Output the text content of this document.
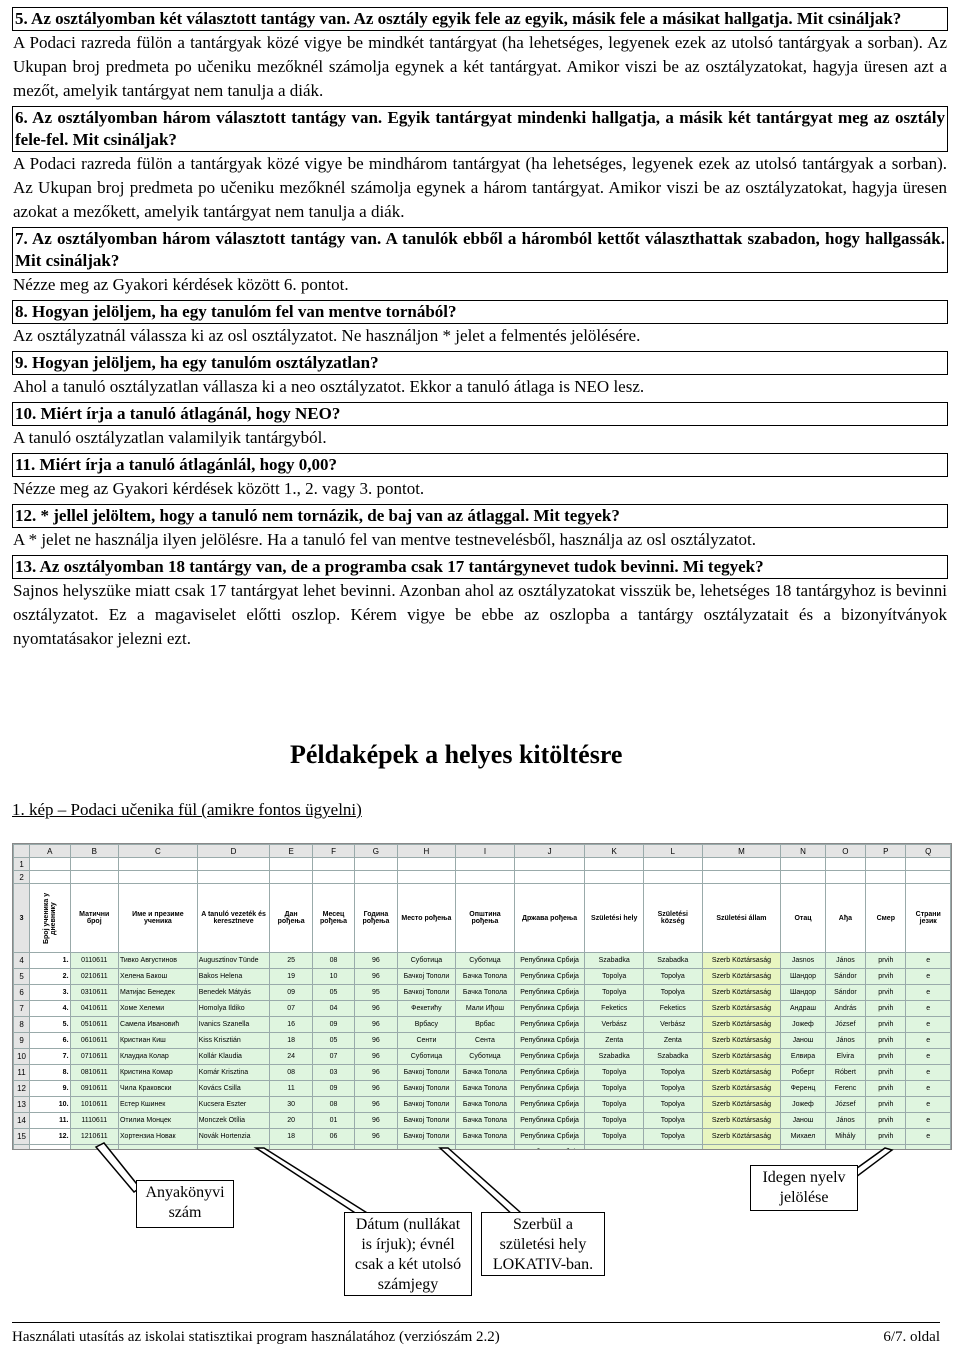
5. Az osztályomban két választott tantágy van. Az osztály egyik fele az egyik, másik fele a másikat hallgatja. Mit csináljak?
A Podaci razreda fülön a tantárgyak közé vigye be mindkét tantárgyat (ha lehetséges, legyenek ezek az utolsó tantárgyak a sorban). Az Ukupan broj predmeta po učeniku mezőknél számolja egynek a két tantárgyat. Amikor viszi be az osztályzatokat, hagyja üresen azt a mezőt, amelyik tantárgyat nem tanulja a diák.
6. Az osztályomban három választott tantágy van. Egyik tantárgyat mindenki hallgatja, a másik két tantárgyat meg az osztály fele-fel. Mit csináljak?
A Podaci razreda fülön a tantárgyak közé vigye be mindhárom tantárgyat (ha lehetséges, legyenek ezek az utolsó tantárgyak a sorban). Az Ukupan broj predmeta po učeniku mezőknél számolja egynek a három tantárgyat. Amikor viszi be az osztályzatokat, hagyja üresen azokat a mezőkett, amelyik tantárgyat nem tanulja a diák.
7. Az osztályomban három választott tantágy van. A tanulók ebből a háromból kettőt választhattak szabadon, hogy hallgassák. Mit csináljak?
Nézze meg az Gyakori kérdések között 6. pontot.
8. Hogyan jelöljem, ha egy tanulóm fel van mentve tornából?
Az osztályzatnál válassza ki az osl osztályzatot. Ne használjon * jelet a felmentés jelölésére.
9. Hogyan jelöljem, ha egy tanulóm osztályzatlan?
Ahol a tanuló osztályzatlan vállasza ki a neo osztályzatot. Ekkor a tanuló átlaga is NEO lesz.
10. Miért írja a tanuló átlagánál, hogy NEO?
A tanuló osztályzatlan valamilyik tantárgyból.
11. Miért írja a tanuló átlagánlál, hogy 0,00?
Nézze meg az Gyakori kérdések között 1., 2. vagy 3. pontot.
12. * jellel jelöltem, hogy a tanuló nem tornázik, de baj van az átlaggal. Mit tegyek?
A * jelet ne használja ilyen jelölésre. Ha a tanuló fel van mentve testnevelésből, használja az osl osztályzatot.
13. Az osztályomban 18 tantárgy van, de a programba csak 17 tantárgynevet tudok bevinni. Mi tegyek?
Sajnos helyszüke miatt csak 17 tantárgyat lehet bevinni. Azonban ahol az osztályzatokat visszük be, lehetséges 18 tantárgyhoz is bevinni osztályzatot. Ez a magaviselet előtti oszlop. Kérem vigye be ebbe az oszlopba a tantárgy osztályzatait és a bizonyítványok nyomtatásakor jelezni ezt.
Példaképek a helyes kitöltésre
1. kép – Podaci učenika fül (amikre fontos ügyelni)
	A	B	C	D	E	F	G	H	I	J	K	L	M	N	O	P	Q
1																	
2																	
3	Број ученика у дневнику	Матични број	Име и презиме ученика	A tanuló vezeték és keresztneve	Дан рођења	Месец рођења	Година рођења	Место рођења	Општина рођења	Држава рођења	Születési hely	Születési község	Születési állam	Отац	Ађа	Смер	Страни језик
4	1.	0110611	Тивко Августинов	Augusztinov Tünde	25	08	96	Суботица	Суботица	Република Србија	Szabadka	Szabadka	Szerb Köztársaság	Jasnos	János	prvih	e
5	2.	0210611	Хелена Бакош	Bakos Helena	19	10	96	Бачкој Тополи	Бачка Топола	Република Србија	Topolya	Topolya	Szerb Köztársaság	Шандор	Sándor	prvih	e
6	3.	0310611	Матијас Бенедек	Benedek Mátyás	09	05	95	Бачкој Тополи	Бачка Топола	Република Србија	Topolya	Topolya	Szerb Köztársaság	Шандор	Sándor	prvih	e
7	4.	0410611	Хоме Хелеми	Homolya Ildiko	07	04	96	Фекетићу	Мали Иђош	Република Србија	Feketics	Feketics	Szerb Köztársaság	Андраш	András	prvih	e
8	5.	0510611	Самела Ивановић	Ivanics Szanella	16	09	96	Врбасу	Врбас	Република Србија	Verbász	Verbász	Szerb Köztársaság	Јожеф	József	prvih	e
9	6.	0610611	Кристиан Киш	Kiss Krisztián	18	05	96	Сенти	Сента	Република Србија	Zenta	Zenta	Szerb Köztársaság	Јанош	János	prvih	e
10	7.	0710611	Клаудиа Колар	Kollár Klaudia	24	07	96	Суботица	Суботица	Република Србија	Szabadka	Szabadka	Szerb Köztársaság	Елвира	Elvira	prvih	e
11	8.	0810611	Кристина Комар	Komár Krisztina	08	03	96	Бачкој Тополи	Бачка Топола	Република Србија	Topolya	Topolya	Szerb Köztársaság	Роберт	Róbert	prvih	e
12	9.	0910611	Чила Краковски	Kovács Csilla	11	09	96	Бачкој Тополи	Бачка Топола	Република Србија	Topolya	Topolya	Szerb Köztársaság	Ференц	Ferenc	prvih	e
13	10.	1010611	Естер Кшинек	Kucsera Eszter	30	08	96	Бачкој Тополи	Бачка Топола	Република Србија	Topolya	Topolya	Szerb Köztársaság	Јожеф	József	prvih	e
14	11.	1110611	Отилиа Монцек	Monczek Otília	20	01	96	Бачкој Тополи	Бачка Топола	Република Србија	Topolya	Topolya	Szerb Köztársaság	Јанош	János	prvih	e
15	12.	1210611	Хортензиа Новак	Novák Hortenzia	18	06	96	Бачкој Тополи	Бачка Топола	Република Србија	Topolya	Topolya	Szerb Köztársaság	Михаел	Mihály	prvih	e

Anyakönyvi szám
Dátum (nullákat is írjuk); évnél csak a két utolsó számjegy
Szerbül a születési hely LOKATIV-ban.
Idegen nyelv jelölése
Használati utasítás az iskolai statisztikai program használatához (verziószám 2.2)	6/7. oldal
